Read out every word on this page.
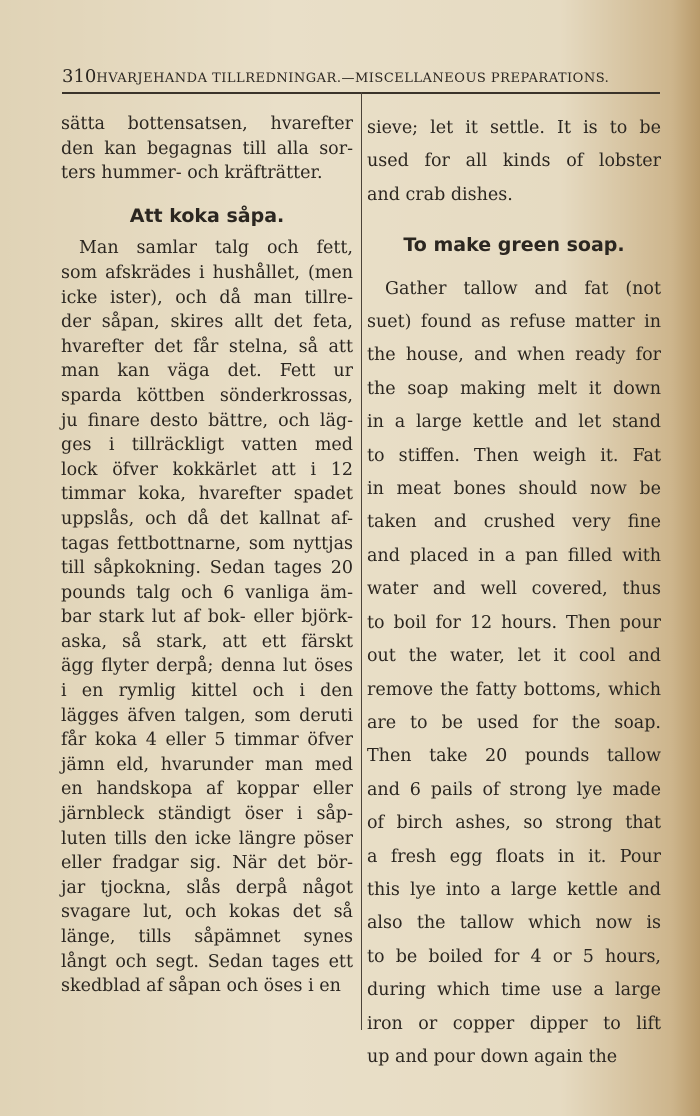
310HVARJEHANDA TILLREDNINGAR.—MISCELLANEOUS PREPARATIONS.
sätta bottensatsen, hvarefter
den kan begagnas till alla sor-
ters hummer- och kräfträtter.
Att koka såpa.
Man samlar talg och fett,
som afskrädes i hushållet, (men
icke ister), och då man tillre-
der såpan, skires allt det feta,
hvarefter det får stelna, så att
man kan väga det. Fett ur
sparda köttben sönderkrossas,
ju finare desto bättre, och läg-
ges i tillräckligt vatten med
lock öfver kokkärlet att i 12
timmar koka, hvarefter spadet
uppslås, och då det kallnat af-
tagas fettbottnarne, som nyttjas
till såpkokning. Sedan tages 20
pounds talg och 6 vanliga äm-
bar stark lut af bok- eller björk-
aska, så stark, att ett färskt
ägg flyter derpå; denna lut öses
i en rymlig kittel och i den
lägges äfven talgen, som deruti
får koka 4 eller 5 timmar öfver
jämn eld, hvarunder man med
en handskopa af koppar eller
järnbleck ständigt öser i såp-
luten tills den icke längre pöser
eller fradgar sig. När det bör-
jar tjockna, slås derpå något
svagare lut, och kokas det så
länge, tills såpämnet synes
långt och segt. Sedan tages ett
skedblad af såpan och öses i en
sieve; let it settle. It is to be
used for all kinds of lobster
and crab dishes.
To make green soap.
Gather tallow and fat (not
suet) found as refuse matter in
the house, and when ready for
the soap making melt it down
in a large kettle and let stand
to stiffen. Then weigh it. Fat
in meat bones should now be
taken and crushed very fine
and placed in a pan filled with
water and well covered, thus
to boil for 12 hours. Then pour
out the water, let it cool and
remove the fatty bottoms, which
are to be used for the soap.
Then take 20 pounds tallow
and 6 pails of strong lye made
of birch ashes, so strong that
a fresh egg floats in it. Pour
this lye into a large kettle and
also the tallow which now is
to be boiled for 4 or 5 hours,
during which time use a large
iron or copper dipper to lift
up and pour down again the
